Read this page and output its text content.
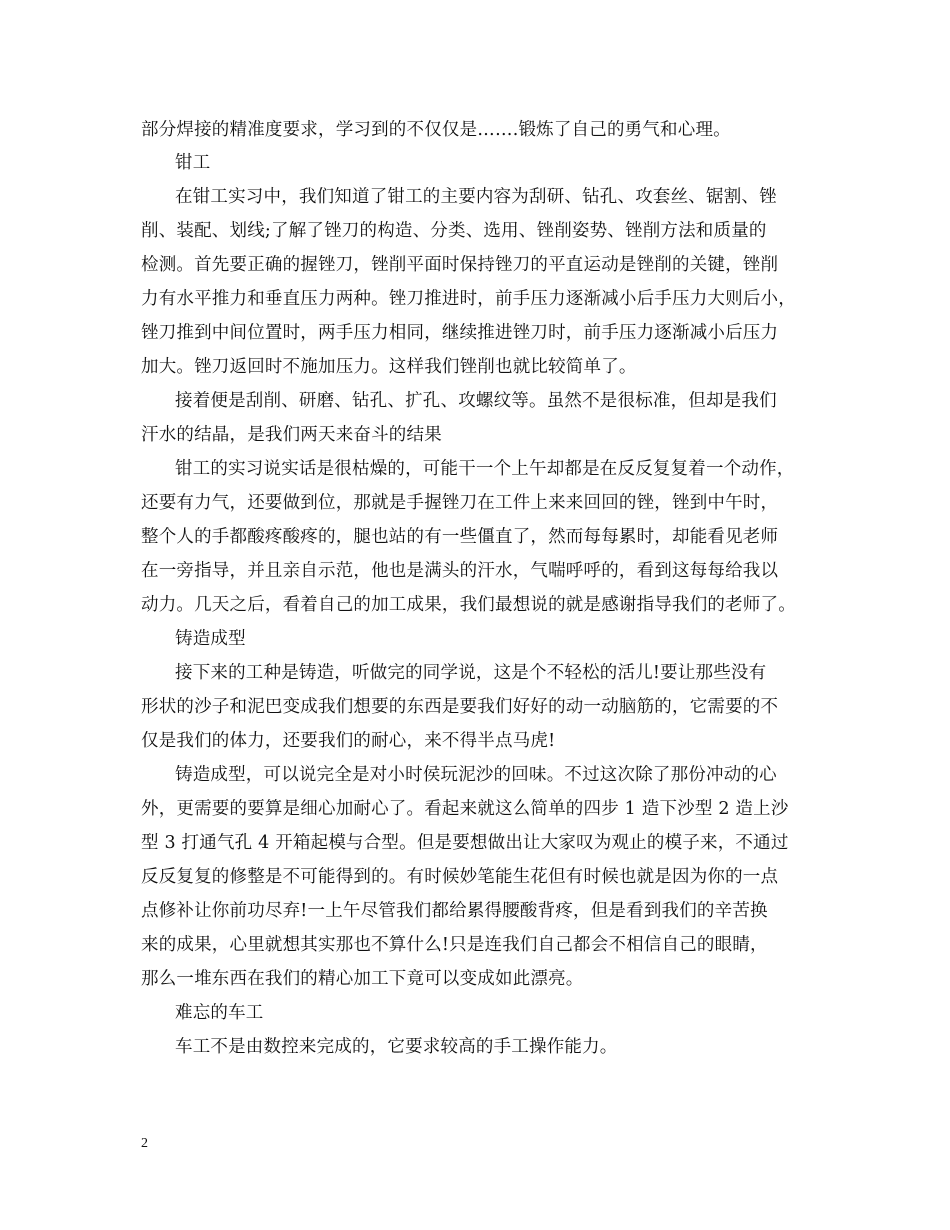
部分焊接的精准度要求，学习到的不仅仅是…….锻炼了自己的勇气和心理。
钳工
在钳工实习中，我们知道了钳工的主要内容为刮研、钻孔、攻套丝、锯割、锉
削、装配、划线;了解了锉刀的构造、分类、选用、锉削姿势、锉削方法和质量的
检测。首先要正确的握锉刀，锉削平面时保持锉刀的平直运动是锉削的关键，锉削
力有水平推力和垂直压力两种。锉刀推进时，前手压力逐渐减小后手压力大则后小，
锉刀推到中间位置时，两手压力相同，继续推进锉刀时，前手压力逐渐减小后压力
加大。锉刀返回时不施加压力。这样我们锉削也就比较简单了。
接着便是刮削、研磨、钻孔、扩孔、攻螺纹等。虽然不是很标准，但却是我们
汗水的结晶，是我们两天来奋斗的结果
钳工的实习说实话是很枯燥的，可能干一个上午却都是在反反复复着一个动作，
还要有力气，还要做到位，那就是手握锉刀在工件上来来回回的锉，锉到中午时，
整个人的手都酸疼酸疼的，腿也站的有一些僵直了，然而每每累时，却能看见老师
在一旁指导，并且亲自示范，他也是满头的汗水，气喘呼呼的，看到这每每给我以
动力。几天之后，看着自己的加工成果，我们最想说的就是感谢指导我们的老师了。
铸造成型
接下来的工种是铸造，听做完的同学说，这是个不轻松的活儿!要让那些没有
形状的沙子和泥巴变成我们想要的东西是要我们好好的动一动脑筋的，它需要的不
仅是我们的体力，还要我们的耐心，来不得半点马虎!
铸造成型，可以说完全是对小时侯玩泥沙的回味。不过这次除了那份冲动的心
外，更需要的要算是细心加耐心了。看起来就这么简单的四步 1 造下沙型 2 造上沙
型 3 打通气孔 4 开箱起模与合型。但是要想做出让大家叹为观止的模子来，不通过
反反复复的修整是不可能得到的。有时候妙笔能生花但有时候也就是因为你的一点
点修补让你前功尽弃!一上午尽管我们都给累得腰酸背疼，但是看到我们的辛苦换
来的成果，心里就想其实那也不算什么!只是连我们自己都会不相信自己的眼睛，
那么一堆东西在我们的精心加工下竟可以变成如此漂亮。
难忘的车工
车工不是由数控来完成的，它要求较高的手工操作能力。
2
